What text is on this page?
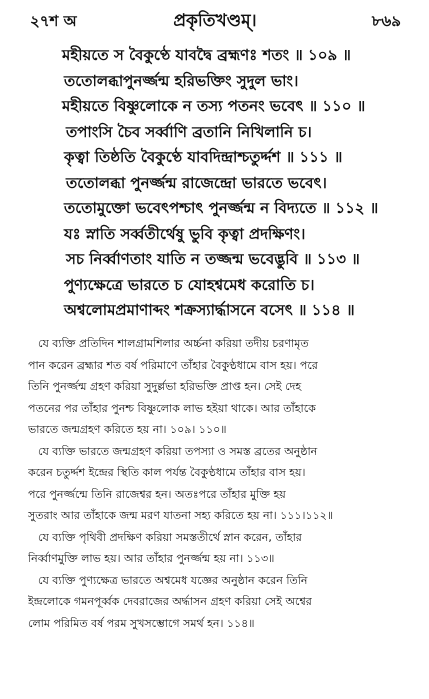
২৭শ অ	প্রকৃতিখণ্ডম্।	৮৬৯
মহীয়তে স বৈকুণ্ঠে যাবদ্বৈ ব্রহ্মণঃ শতং ॥ ১০৯ ॥
ততোলব্ধাপুনর্জ্জন্ম হরিভক্তিং সুদুল ভাং।
মহীয়তে বিষ্ণুলোকে ন তস্য পতনং ভবেৎ ॥ ১১০ ॥
তপাংসি চৈব সর্ব্বাণি ব্রতানি নিখিলানি চ।
কৃত্বা তিষ্ঠতি বৈকুণ্ঠে যাবদিন্দ্রাশ্চতুর্দ্দশ ॥ ১১১ ॥
ততোলব্ধা পুনর্জ্জন্ম রাজেন্দ্রো ভারতে ভবেৎ।
ততোমুক্তো ভবেৎপশ্চাৎ পুনর্জ্জন্ম ন বিদ্যতে ॥ ১১২ ॥
যঃ স্নাতি সর্ব্বতীর্থেষু ভুবি কৃত্বা প্রদক্ষিণং।
সচ নির্ব্বাণতাং যাতি ন তজ্জন্ম ভবেদ্ভুবি ॥ ১১৩ ॥
পুণ্যক্ষেত্রে ভারতে চ যোহশ্বমেধ করোতি চ।
অশ্বলোমপ্রমাণাব্দং শক্রস্যার্দ্ধাসনে বসেৎ ॥ ১১৪ ॥

যে ব্যক্তি প্রতিদিন শালগ্রামশিলার অর্চ্চনা করিয়া তদীয় চরণামৃত
পান করেন ব্রহ্মার শত বর্ষ পরিমাণে তাঁহার বৈকুণ্ঠধামে বাস হয়। পরে
তিনি পুনর্জ্জন্ম গ্রহণ করিয়া সুদুর্ল্লভা হরিভক্তি প্রাপ্ত হন। সেই দেহ
পতনের পর তাঁহার পুনশ্চ বিষ্ণুলোক লাভ হইয়া থাকে। আর তাঁহাকে
ভারতে জন্মগ্রহণ করিতে হয় না। ১০৯। ১১০॥

যে ব্যক্তি ভারতে জন্মগ্রহণ করিয়া তপস্যা ও সমস্ত ব্রতের অনুষ্ঠান
করেন চতুর্দ্দশ ইন্দ্রের স্থিতি কাল পর্যন্ত বৈকুণ্ঠধামে তাঁহার বাস হয়।
পরে পুনর্জ্জন্মে তিনি রাজেশ্বর হন। অতঃপরে তাঁহার মুক্তি হয়
সুতরাং আর তাঁহাকে জন্ম মরণ যাতনা সহ্য করিতে হয় না। ১১১।১১২॥

যে ব্যক্তি পৃথিবী প্রদক্ষিণ করিয়া সমস্ততীর্থে স্নান করেন, তাঁহার
নির্ব্বাণমুক্তি লাভ হয়। আর তাঁহার পুনর্জ্জন্ম হয় না। ১১৩॥

যে ব্যক্তি পুণ্যক্ষেত্র ভারতে অশ্বমেধ যজ্ঞের অনুষ্ঠান করেন তিনি
ইন্দ্রলোকে গমনপূর্ব্বক দেবরাজের অর্দ্ধাসন গ্রহণ করিয়া সেই অশ্বের
লোম পরিমিত বর্ষ পরম সুখসম্ভোগে সমর্থ হন। ১১৪॥
